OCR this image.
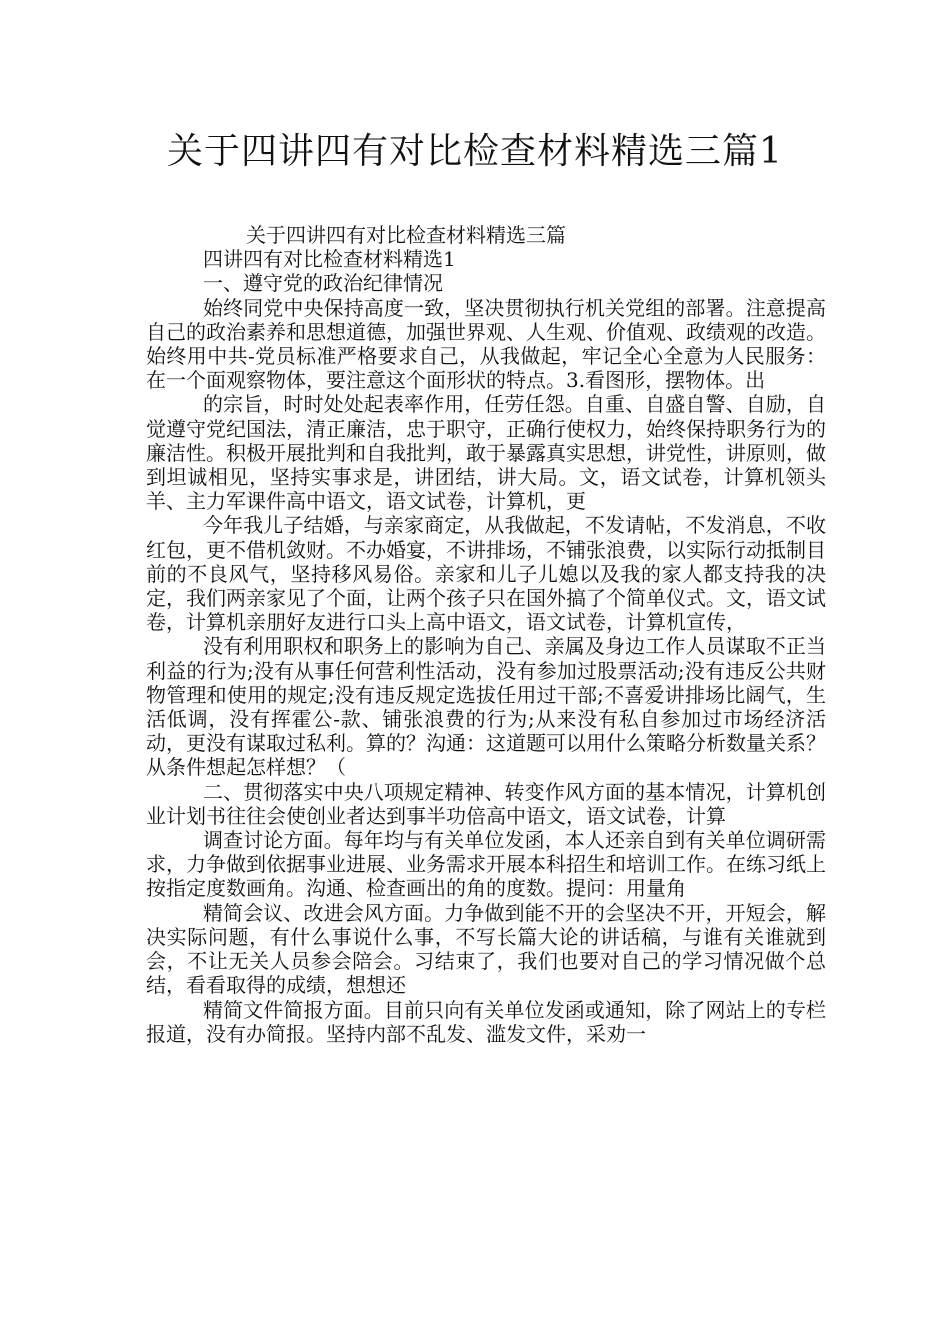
关于四讲四有对比检查材料精选三篇1

关于四讲四有对比检查材料精选三篇

四讲四有对比检查材料精选1

一、遵守党的政治纪律情况

始终同党中央保持高度一致，坚决贯彻执行机关党组的部署。注意提高自己的政治素养和思想道德，加强世界观、人生观、价值观、政绩观的改造。始终用中共-党员标准严格要求自己，从我做起，牢记全心全意为人民服务：在一个面观察物体，要注意这个面形状的特点。3.看图形，摆物体。出

的宗旨，时时处处起表率作用，任劳任怨。自重、自盛自警、自励，自觉遵守党纪国法，清正廉洁，忠于职守，正确行使权力，始终保持职务行为的廉洁性。积极开展批判和自我批判，敢于暴露真实思想，讲党性，讲原则，做到坦诚相见，坚持实事求是，讲团结，讲大局。文，语文试卷，计算机领头羊、主力军课件高中语文，语文试卷，计算机，更

今年我儿子结婚，与亲家商定，从我做起，不发请帖，不发消息，不收红包，更不借机敛财。不办婚宴，不讲排场，不铺张浪费，以实际行动抵制目前的不良风气，坚持移风易俗。亲家和儿子儿媳以及我的家人都支持我的决定，我们两亲家见了个面，让两个孩子只在国外搞了个简单仪式。文，语文试卷，计算机亲朋好友进行口头上高中语文，语文试卷，计算机宣传，

没有利用职权和职务上的影响为自己、亲属及身边工作人员谋取不正当利益的行为;没有从事任何营利性活动，没有参加过股票活动;没有违反公共财物管理和使用的规定;没有违反规定选拔任用过干部;不喜爱讲排场比阔气，生活低调，没有挥霍公-款、铺张浪费的行为;从来没有私自参加过市场经济活动，更没有谋取过私利。算的？沟通：这道题可以用什么策略分析数量关系？从条件想起怎样想？（

二、贯彻落实中央八项规定精神、转变作风方面的基本情况，计算机创业计划书往往会使创业者达到事半功倍高中语文，语文试卷，计算

调查讨论方面。每年均与有关单位发函，本人还亲自到有关单位调研需求，力争做到依据事业进展、业务需求开展本科招生和培训工作。在练习纸上按指定度数画角。沟通、检查画出的角的度数。提问：用量角

精简会议、改进会风方面。力争做到能不开的会坚决不开，开短会，解决实际问题，有什么事说什么事，不写长篇大论的讲话稿，与谁有关谁就到会，不让无关人员参会陪会。习结束了，我们也要对自己的学习情况做个总结，看看取得的成绩，想想还

精简文件简报方面。目前只向有关单位发函或通知，除了网站上的专栏报道，没有办简报。坚持内部不乱发、滥发文件，采劝一
